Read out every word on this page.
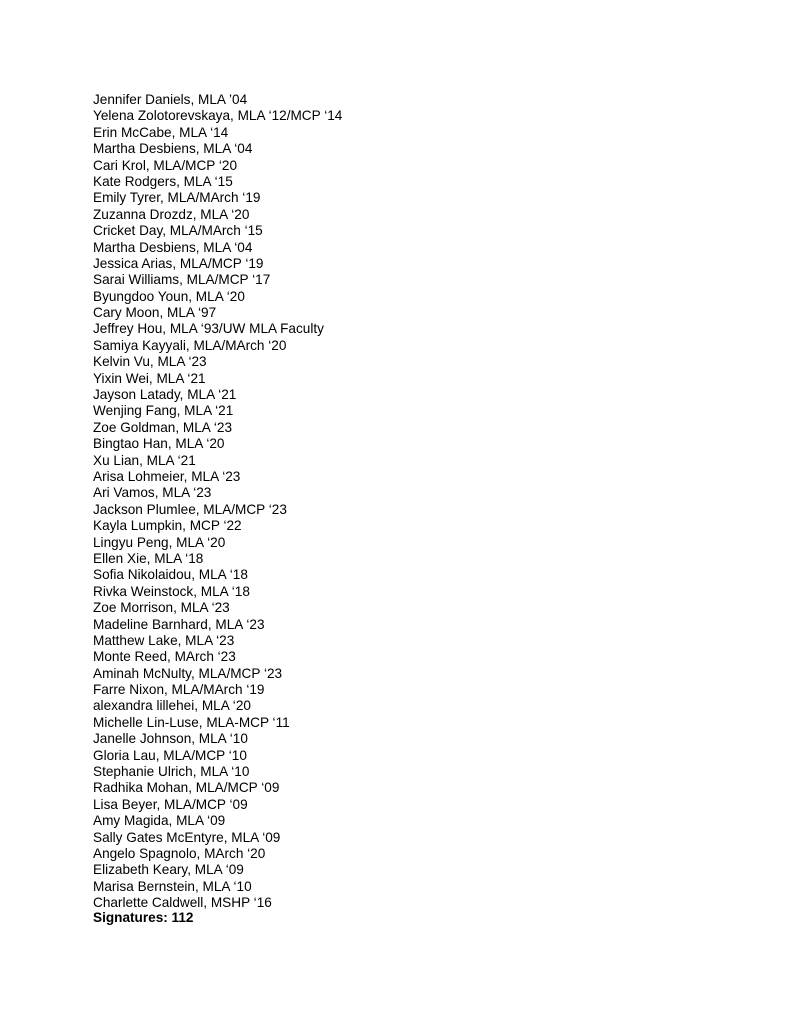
Jennifer Daniels, MLA ’04
Yelena Zolotorevskaya, MLA ‘12/MCP ‘14
Erin McCabe, MLA ‘14
Martha Desbiens, MLA ‘04
Cari Krol, MLA/MCP ‘20
Kate Rodgers, MLA ‘15
Emily Tyrer, MLA/MArch ‘19
Zuzanna Drozdz, MLA ‘20
Cricket Day, MLA/MArch ‘15
Martha Desbiens, MLA ‘04
Jessica Arias, MLA/MCP ‘19
Sarai Williams, MLA/MCP ‘17
Byungdoo Youn, MLA ‘20
Cary Moon, MLA ‘97
Jeffrey Hou, MLA ‘93/UW MLA Faculty
Samiya Kayyali, MLA/MArch ‘20
Kelvin Vu, MLA ‘23
Yixin Wei, MLA ‘21
Jayson Latady, MLA ‘21
Wenjing Fang, MLA ‘21
Zoe Goldman, MLA ‘23
Bingtao Han, MLA ‘20
Xu Lian, MLA ‘21
Arisa Lohmeier, MLA ‘23
Ari Vamos, MLA ‘23
Jackson Plumlee, MLA/MCP ‘23
Kayla Lumpkin, MCP ‘22
Lingyu Peng, MLA ‘20
Ellen Xie, MLA ‘18
Sofia Nikolaidou, MLA ‘18
Rivka Weinstock, MLA ‘18
Zoe Morrison, MLA ‘23
Madeline Barnhard, MLA ‘23
Matthew Lake, MLA ‘23
Monte Reed, MArch ‘23
Aminah McNulty, MLA/MCP ‘23
Farre Nixon, MLA/MArch ‘19
alexandra lillehei, MLA ‘20
Michelle Lin-Luse, MLA-MCP ‘11
Janelle Johnson, MLA ‘10
Gloria Lau, MLA/MCP ‘10
Stephanie Ulrich, MLA ‘10
Radhika Mohan, MLA/MCP ‘09
Lisa Beyer, MLA/MCP ‘09
Amy Magida, MLA ‘09
Sally Gates McEntyre, MLA ‘09
Angelo Spagnolo, MArch ‘20
Elizabeth Keary, MLA ‘09
Marisa Bernstein, MLA ‘10
Charlette Caldwell, MSHP ‘16
Signatures: 112
